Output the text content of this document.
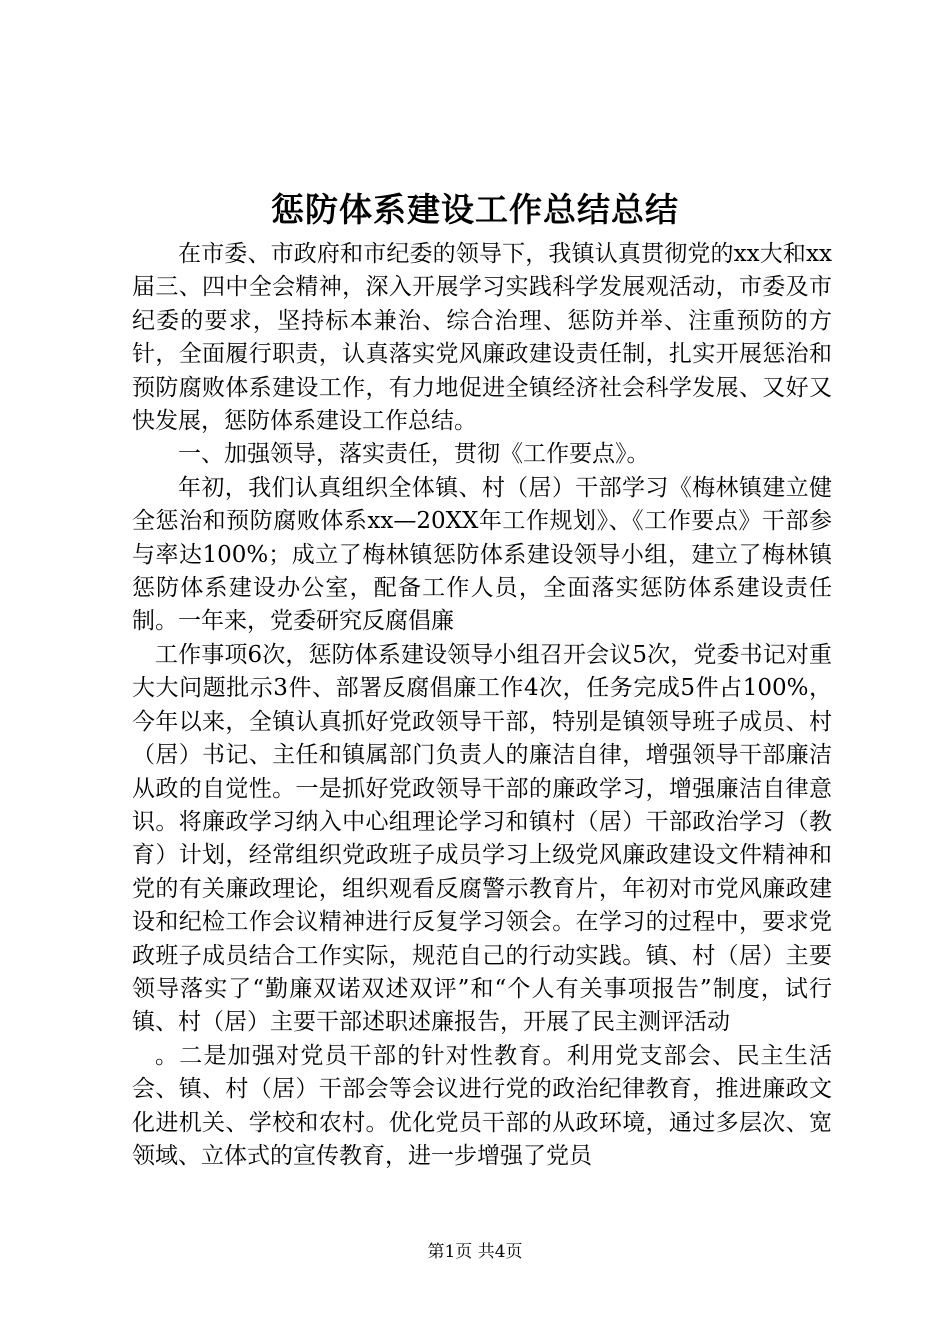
惩防体系建设工作总结总结

在市委、市政府和市纪委的领导下，我镇认真贯彻党的xx大和xx届三、四中全会精神，深入开展学习实践科学发展观活动，市委及市纪委的要求，坚持标本兼治、综合治理、惩防并举、注重预防的方针，全面履行职责，认真落实党风廉政建设责任制，扎实开展惩治和预防腐败体系建设工作，有力地促进全镇经济社会科学发展、又好又快发展，惩防体系建设工作总结。

一、加强领导，落实责任，贯彻《工作要点》。

年初，我们认真组织全体镇、村（居）干部学习《梅林镇建立健全惩治和预防腐败体系xx—20XX年工作规划》、《工作要点》干部参与率达100%；成立了梅林镇惩防体系建设领导小组，建立了梅林镇惩防体系建设办公室，配备工作人员，全面落实惩防体系建设责任制。一年来，党委研究反腐倡廉

工作事项6次，惩防体系建设领导小组召开会议5次，党委书记对重大大问题批示3件、部署反腐倡廉工作4次，任务完成5件占100%，今年以来，全镇认真抓好党政领导干部，特别是镇领导班子成员、村（居）书记、主任和镇属部门负责人的廉洁自律，增强领导干部廉洁从政的自觉性。一是抓好党政领导干部的廉政学习，增强廉洁自律意识。将廉政学习纳入中心组理论学习和镇村（居）干部政治学习（教育）计划，经常组织党政班子成员学习上级党风廉政建设文件精神和党的有关廉政理论，组织观看反腐警示教育片，年初对市党风廉政建设和纪检工作会议精神进行反复学习领会。在学习的过程中，要求党政班子成员结合工作实际，规范自己的行动实践。镇、村（居）主要领导落实了“勤廉双诺双述双评”和“个人有关事项报告”制度，试行镇、村（居）主要干部述职述廉报告，开展了民主测评活动

。二是加强对党员干部的针对性教育。利用党支部会、民主生活会、镇、村（居）干部会等会议进行党的政治纪律教育，推进廉政文化进机关、学校和农村。优化党员干部的从政环境，通过多层次、宽领域、立体式的宣传教育，进一步增强了党员

第1页 共4页
